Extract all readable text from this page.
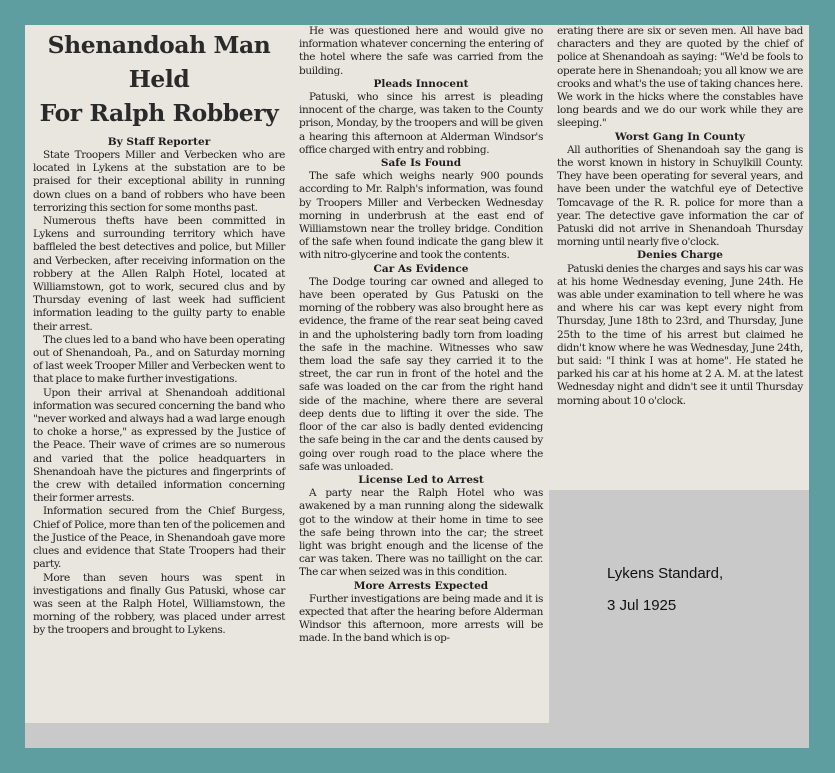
Shenandoah Man Held
For Ralph Robbery
By Staff Reporter

State Troopers Miller and Verbecken who are located in Lykens at the substation are to be praised for their exceptional ability in running down clues on a band of robbers who have been terrorizing this section for some months past.

Numerous thefts have been committed in Lykens and surrounding territory which have baffleled the best detectives and police, but Miller and Verbecken, after receiving information on the robbery at the Allen Ralph Hotel, located at Williamstown, got to work, secured clus and by Thursday evening of last week had sufficient information leading to the guilty party to enable their arrest.

The clues led to a band who have been operating out of Shenandoah, Pa., and on Saturday morning of last week Trooper Miller and Verbecken went to that place to make further investigations.

Upon their arrival at Shenandoah additional information was secured concerning the band who "never worked and always had a wad large enough to choke a horse," as expressed by the Justice of the Peace. Their wave of crimes are so numerous and varied that the police headquarters in Shenandoah have the pictures and fingerprints of the crew with detailed information concerning their former arrests.

Information secured from the Chief Burgess, Chief of Police, more than ten of the policemen and the Justice of the Peace, in Shenandoah gave more clues and evidence that State Troopers had their party.

More than seven hours was spent in investigations and finally Gus Patuski, whose car was seen at the Ralph Hotel, Williamstown, the morning of the robbery, was placed under arrest by the troopers and brought to Lykens.

He was questioned here and would give no information whatever concerning the entering of the hotel where the safe was carried from the building.

Pleads Innocent

Patuski, who since his arrest is pleading innocent of the charge, was taken to the County prison, Monday, by the troopers and will be given a hearing this afternoon at Alderman Windsor's office charged with entry and robbing.

Safe Is Found

The safe which weighs nearly 900 pounds according to Mr. Ralph's information, was found by Troopers Miller and Verbecken Wednesday morning in underbrush at the east end of Williamstown near the trolley bridge. Condition of the safe when found indicate the gang blew it with nitro-glycerine and took the contents.

Car As Evidence

The Dodge touring car owned and alleged to have been operated by Gus Patuski on the morning of the robbery was also brought here as evidence, the frame of the rear seat being caved in and the upholstering badly torn from loading the safe in the machine. Witnesses who saw them load the safe say they carried it to the street, the car run in front of the hotel and the safe was loaded on the car from the right hand side of the machine, where there are several deep dents due to lifting it over the side. The floor of the car also is badly dented evidencing the safe being in the car and the dents caused by going over rough road to the place where the safe was unloaded.

License Led to Arrest

A party near the Ralph Hotel who was awakened by a man running along the sidewalk got to the window at their home in time to see the safe being thrown into the car; the street light was bright enough and the license of the car was taken. There was no taillight on the car. The car when seized was in this condition.

More Arrests Expected

Further investigations are being made and it is expected that after the hearing before Alderman Windsor this afternoon, more arrests will be made. In the band which is op-

erating there are six or seven men. All have bad characters and they are quoted by the chief of police at Shenandoah as saying: "We'd be fools to operate here in Shenandoah; you all know we are crooks and what's the use of taking chances here. We work in the hicks where the constables have long beards and we do our work while they are sleeping."

Worst Gang In County

All authorities of Shenandoah say the gang is the worst known in history in Schuylkill County. They have been operating for several years, and have been under the watchful eye of Detective Tomcavage of the R. R. police for more than a year. The detective gave information the car of Patuski did not arrive in Shenandoah Thursday morning until nearly five o'clock.

Denies Charge

Patuski denies the charges and says his car was at his home Wednesday evening, June 24th. He was able under examination to tell where he was and where his car was kept every night from Thursday, June 18th to 23rd, and Thursday, June 25th to the time of his arrest but claimed he didn't know where he was Wednesday, June 24th, but said: "I think I was at home". He stated he parked his car at his home at 2 A. M. at the latest Wednesday night and didn't see it until Thursday morning about 10 o'clock.

Lykens Standard,
3 Jul 1925
